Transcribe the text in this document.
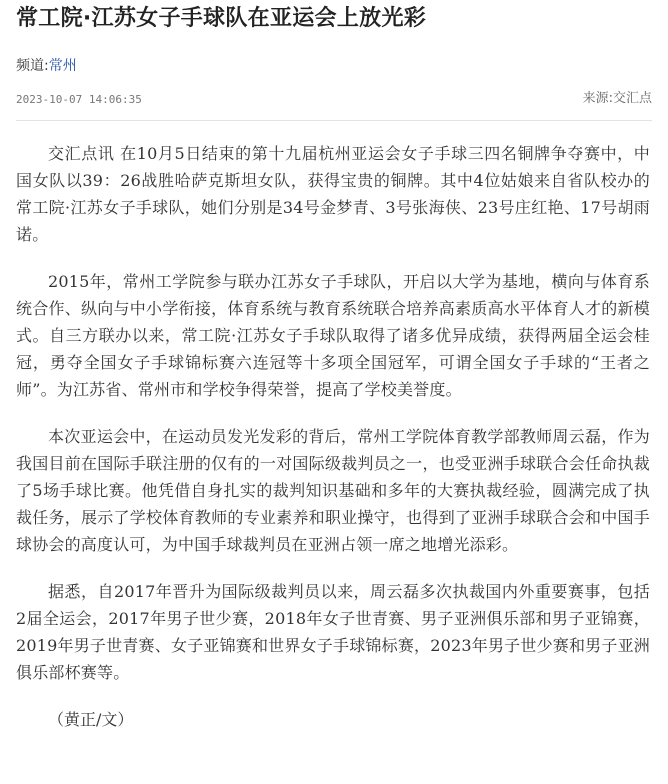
常工院·江苏女子手球队在亚运会上放光彩
频道:常州
2023-10-07 14:06:35	来源:交汇点

交汇点讯 在10月5日结束的第十九届杭州亚运会女子手球三四名铜牌争夺赛中，中国女队以39：26战胜哈萨克斯坦女队，获得宝贵的铜牌。其中4位姑娘来自省队校办的常工院·江苏女子手球队，她们分别是34号金梦青、3号张海侠、23号庄红艳、17号胡雨诺。

2015年，常州工学院参与联办江苏女子手球队，开启以大学为基地，横向与体育系统合作、纵向与中小学衔接，体育系统与教育系统联合培养高素质高水平体育人才的新模式。自三方联办以来，常工院·江苏女子手球队取得了诸多优异成绩，获得两届全运会桂冠，勇夺全国女子手球锦标赛六连冠等十多项全国冠军，可谓全国女子手球的“王者之师”。为江苏省、常州市和学校争得荣誉，提高了学校美誉度。

本次亚运会中，在运动员发光发彩的背后，常州工学院体育教学部教师周云磊，作为我国目前在国际手联注册的仅有的一对国际级裁判员之一，也受亚洲手球联合会任命执裁了5场手球比赛。他凭借自身扎实的裁判知识基础和多年的大赛执裁经验，圆满完成了执裁任务，展示了学校体育教师的专业素养和职业操守，也得到了亚洲手球联合会和中国手球协会的高度认可，为中国手球裁判员在亚洲占领一席之地增光添彩。

据悉，自2017年晋升为国际级裁判员以来，周云磊多次执裁国内外重要赛事，包括2届全运会，2017年男子世少赛，2018年女子世青赛、男子亚洲俱乐部和男子亚锦赛，2019年男子世青赛、女子亚锦赛和世界女子手球锦标赛，2023年男子世少赛和男子亚洲俱乐部杯赛等。

（黄正/文）
